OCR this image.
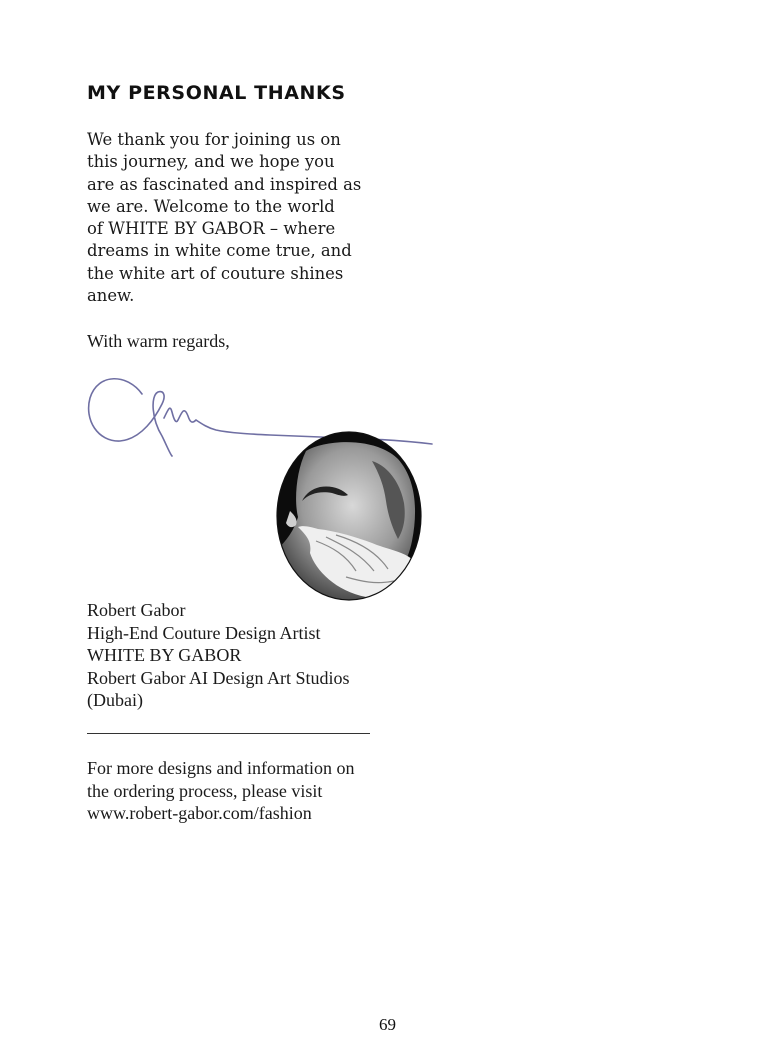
MY PERSONAL THANKS

We thank you for joining us on
this journey, and we hope you
are as fascinated and inspired as
we are. Welcome to the world
of WHITE BY GABOR – where
dreams in white come true, and
the white art of couture shines
anew.

With warm regards,

Robert Gabor
High-End Couture Design Artist
WHITE BY GABOR
Robert Gabor AI Design Art Studios
(Dubai)

For more designs and information on
the ordering process, please visit
www.robert-gabor.com/fashion

69
